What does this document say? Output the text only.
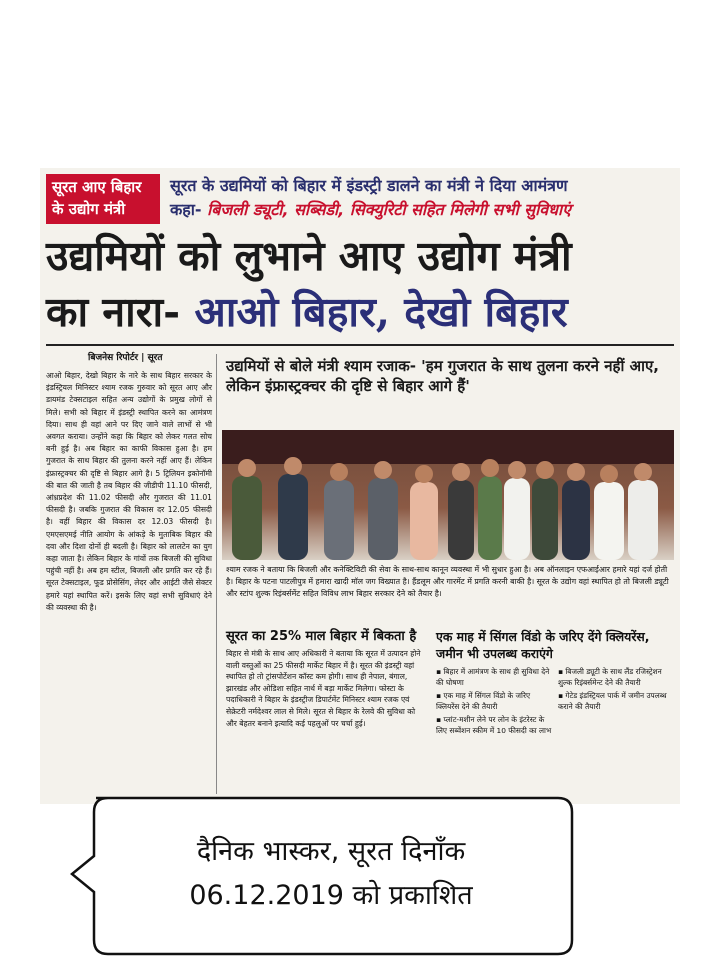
सूरत आए बिहार
के उद्योग मंत्री
सूरत के उद्यमियों को बिहार में इंडस्ट्री डालने का मंत्री ने दिया आमंत्रण
कहा- बिजली ड्यूटी, सब्सिडी, सिक्युरिटी सहित मिलेगी सभी सुविधाएं
उद्यमियों को लुभाने आए उद्योग मंत्री
का नारा- आओ बिहार, देखो बिहार
बिजनेस रिपोर्टर | सूरत
आओ बिहार, देखो बिहार के नारे के साथ बिहार सरकार के इंडस्ट्रियल मिनिस्टर श्याम रजक गुरुवार को सूरत आए और डायमंड टेक्सटाइल सहित अन्य उद्योगों के प्रमुख लोगों से मिले। सभी को बिहार में इंडस्ट्री स्थापित करने का आमंत्रण दिया। साथ ही वहां आने पर दिए जाने वाले लाभों से भी अवगत कराया। उन्होंने कहा कि बिहार को लेकर गलत सोच बनी हुई है। अब बिहार का काफी विकास हुआ है। हम गुजरात के साथ बिहार की तुलना करने नहीं आए हैं। लेकिन इंफ्रास्ट्रक्चर की दृष्टि से बिहार आगे है। 5 ट्रिलियन इकोनॉमी की बात की जाती है तब बिहार की जीडीपी 11.10 फीसदी, आंध्रप्रदेश की 11.02 फीसदी और गुजरात की 11.01 फीसदी है। जबकि गुजरात की विकास दर 12.05 फीसदी है। वहीं बिहार की विकास दर 12.03 फीसदी है। एमएसएमई नीति आयोग के आंकड़े के मुताबिक बिहार की दवा और दिशा दोनों ही बदली है। बिहार को लालटेन का युग कहा जाता है। लेकिन बिहार के गांवों तक बिजली की सुविधा पहुंची नहीं है। अब हम स्टील, बिजली और प्रगति कर रहे हैं। सूरत टेक्सटाइल, फूड प्रोसेसिंग, लेदर और आईटी जैसे सेक्टर हमारे यहां स्थापित करें। इसके लिए वहां सभी सुविधाएं देने की व्यवस्था की है।
उद्यमियों से बोले मंत्री श्याम रजाक- 'हम गुजरात के साथ तुलना करने नहीं आए, लेकिन इंफ्रास्ट्रक्चर की दृष्टि से बिहार आगे हैं'
श्याम रजक ने बताया कि बिजली और कनेक्टिविटी की सेवा के साथ-साथ कानून व्यवस्था में भी सुधार हुआ है। अब ऑनलाइन एफआईआर हमारे यहां दर्ज होती है। बिहार के पटना पाटलीपुत्र में हमारा खादी मॉल जग विख्यात है। हैंडलूम और गारमेंट में प्रगति करनी बाकी है। सूरत के उद्योग वहां स्थापित हो तो बिजली ड्यूटी और स्टांप शुल्क रिइंबर्समेंट सहित विविध लाभ बिहार सरकार देने को तैयार है।
सूरत का 25% माल बिहार में बिकता है

बिहार से मंत्री के साथ आए अधिकारी ने बताया कि सूरत में उत्पादन होने वाली वस्तुओं का 25 फीसदी मार्केट बिहार में है। सूरत की इंडस्ट्री वहां स्थापित हो तो ट्रांसपोर्टेशन कॉस्ट कम होगी। साथ ही नेपाल, बंगाल, झारखंड और ओडिशा सहित नार्थ में बड़ा मार्केट मिलेगा। फोस्टा के पदाधिकारी ने बिहार के इंडस्ट्रीज डिपार्टमेंट मिनिस्टर श्याम रजक एवं सेक्रेटरी नर्मदेश्वर लाल से मिले। सूरत से बिहार के रेलवे की सुविधा को और बेहतर बनाने इत्यादि कई पहलुओं पर चर्चा हुई।

एक माह में सिंगल विंडो के जरिए देंगे क्लियरेंस, जमीन भी उपलब्ध कराएंगे
▪ बिहार में आमंत्रण के साथ ही सुविधा देने की घोषणा
▪ एक माह में सिंगल विंडो के जरिए क्लियरेंस देने की तैयारी
▪ प्लांट-मशीन लेने पर लोन के इंटरेस्ट के लिए सब्वेंशन स्कीम में 10 फीसदी का लाभ
▪ बिजली ड्यूटी के साथ लैंड रजिस्ट्रेशन शुल्क रिइंबर्समेन्ट देने की तैयारी
▪ गेटेड इंडस्ट्रियल पार्क में जमीन उपलब्ध कराने की तैयारी
दैनिक भास्कर, सूरत दिनाँक
06.12.2019 को प्रकाशित
